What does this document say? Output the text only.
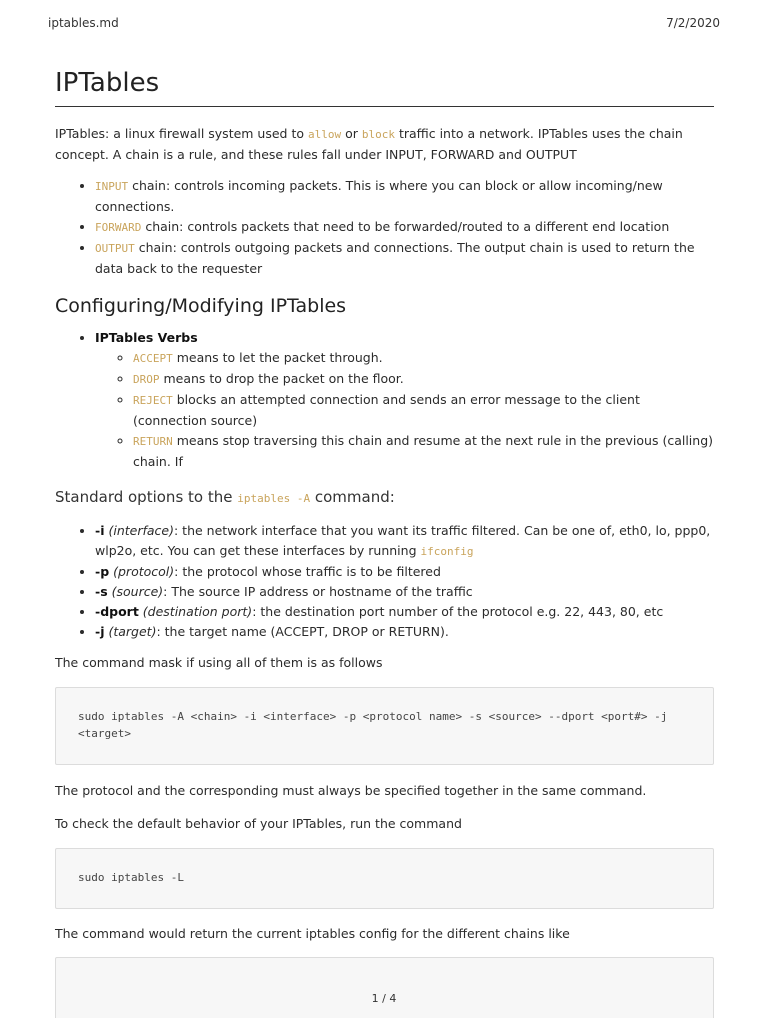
iptables.md	7/2/2020
IPTables

IPTables: a linux firewall system used to allow or block traffic into a network. IPTables uses the chain concept. A chain is a rule, and these rules fall under INPUT, FORWARD and OUTPUT

• INPUT chain: controls incoming packets. This is where you can block or allow incoming/new connections.
• FORWARD chain: controls packets that need to be forwarded/routed to a different end location
• OUTPUT chain: controls outgoing packets and connections. The output chain is used to return the data back to the requester
Configuring/Modifying IPTables
• IPTables Verbs
◦ ACCEPT means to let the packet through.
◦ DROP means to drop the packet on the floor.
◦ REJECT blocks an attempted connection and sends an error message to the client (connection source)
◦ RETURN means stop traversing this chain and resume at the next rule in the previous (calling) chain. If
Standard options to the iptables -A command:
• -i (interface): the network interface that you want its traffic filtered. Can be one of, eth0, lo, ppp0, wlp2o, etc. You can get these interfaces by running ifconfig
• -p (protocol): the protocol whose traffic is to be filtered
• -s (source): The source IP address or hostname of the traffic
• -dport (destination port): the destination port number of the protocol e.g. 22, 443, 80, etc
• -j (target): the target name (ACCEPT, DROP or RETURN).

The command mask if using all of them is as follows

sudo iptables -A <chain> -i <interface> -p <protocol name> -s <source> --dport <port#> -j <target>

The protocol and the corresponding must always be specified together in the same command.

To check the default behavior of your IPTables, run the command

sudo iptables -L

The command would return the current iptables config for the different chains like

1 / 4
